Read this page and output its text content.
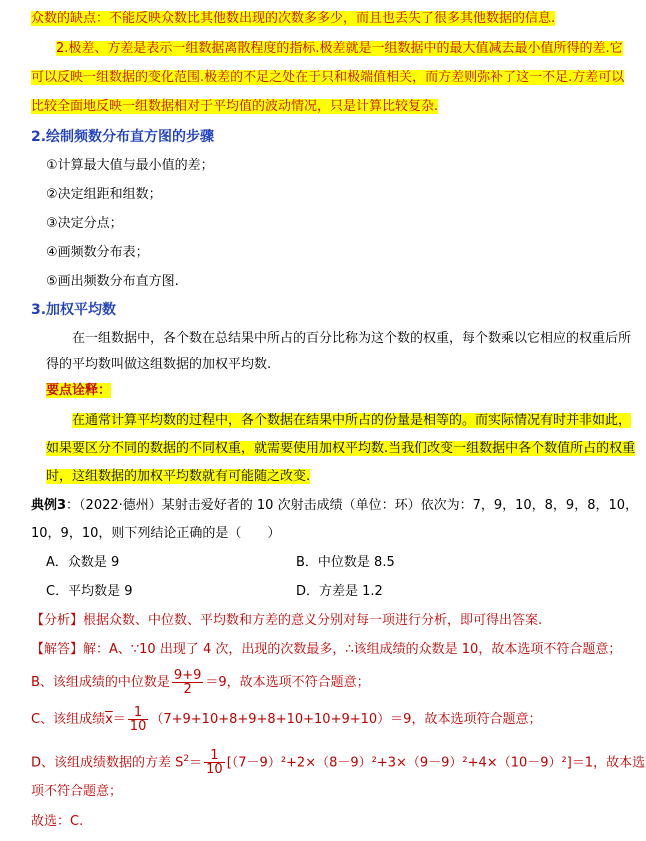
众数的缺点：不能反映众数比其他数出现的次数多多少，而且也丢失了很多其他数据的信息.
2.极差、方差是表示一组数据离散程度的指标.极差就是一组数据中的最大值减去最小值所得的差.它
可以反映一组数据的变化范围.极差的不足之处在于只和极端值相关，而方差则弥补了这一不足.方差可以
比较全面地反映一组数据相对于平均值的波动情况，只是计算比较复杂.
2.绘制频数分布直方图的步骤
①计算最大值与最小值的差；
②决定组距和组数；
③决定分点；
④画频数分布表；
⑤画出频数分布直方图.
3.加权平均数
在一组数据中，各个数在总结果中所占的百分比称为这个数的权重，每个数乘以它相应的权重后所
得的平均数叫做这组数据的加权平均数.
要点诠释：
在通常计算平均数的过程中，各个数据在结果中所占的份量是相等的。而实际情况有时并非如此，
如果要区分不同的数据的不同权重，就需要使用加权平均数.当我们改变一组数据中各个数值所占的权重
时，这组数据的加权平均数就有可能随之改变.
典例3：（2022·德州）某射击爱好者的 10 次射击成绩（单位：环）依次为：7，9，10，8，9，8，10，
10，9，10，则下列结论正确的是（　　）
A．众数是 9	B．中位数是 8.5
C．平均数是 9	D．方差是 1.2
【分析】根据众数、中位数、平均数和方差的意义分别对每一项进行分析，即可得出答案.
【解答】解：A、∵10 出现了 4 次，出现的次数最多，∴该组成绩的众数是 10，故本选项不符合题意；
B、该组成绩的中位数是 $\frac{9+9}{2} =9$，故本选项不符合题意；
C、该组成绩$\overline{x}= \frac{1}{10} (7+9+10+8+9+8+10+10+9+10)=9$，故本选项符合题意；
D、该组成绩数据的方差 $S^2= \frac{1}{10} [(7-9)^2+2\times(8-9)^2+3\times(9-9)^2+4\times(10-9)^2]=1$，故本选
项不符合题意；
故选：C.
